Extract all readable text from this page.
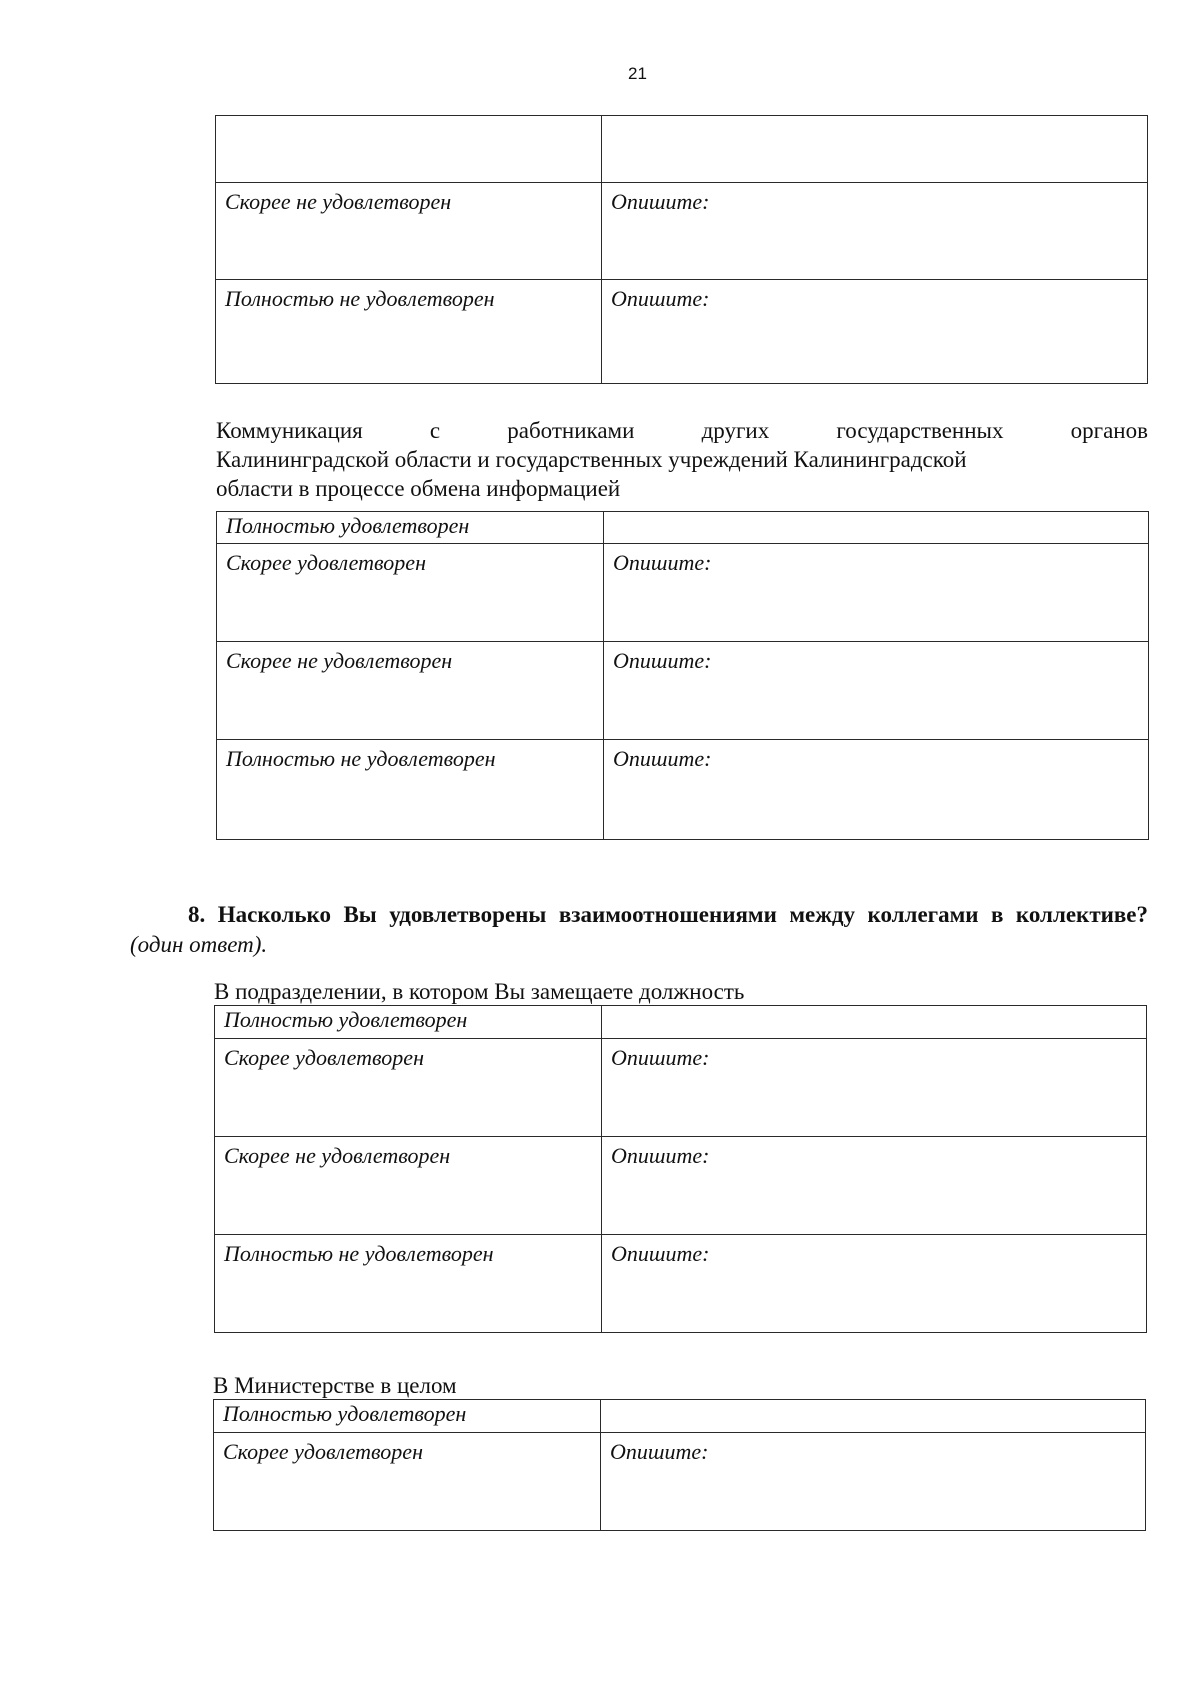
21

Скорее не удовлетворен	Опишите:
Полностью не удовлетворен	Опишите:
Коммуникация	с	работниками	других	государственных	органов
Калининградской области и государственных учреждений Калининградской
области в процессе обмена информацией
Полностью удовлетворен	
Скорее удовлетворен	Опишите:
Скорее не удовлетворен	Опишите:
Полностью не удовлетворен	Опишите:
8. Насколько Вы удовлетворены взаимоотношениями между коллегами в коллективе? (один ответ).
В подразделении, в котором Вы замещаете должность
Полностью удовлетворен	
Скорее удовлетворен	Опишите:
Скорее не удовлетворен	Опишите:
Полностью не удовлетворен	Опишите:
В Министерстве в целом
Полностью удовлетворен	
Скорее удовлетворен	Опишите:
